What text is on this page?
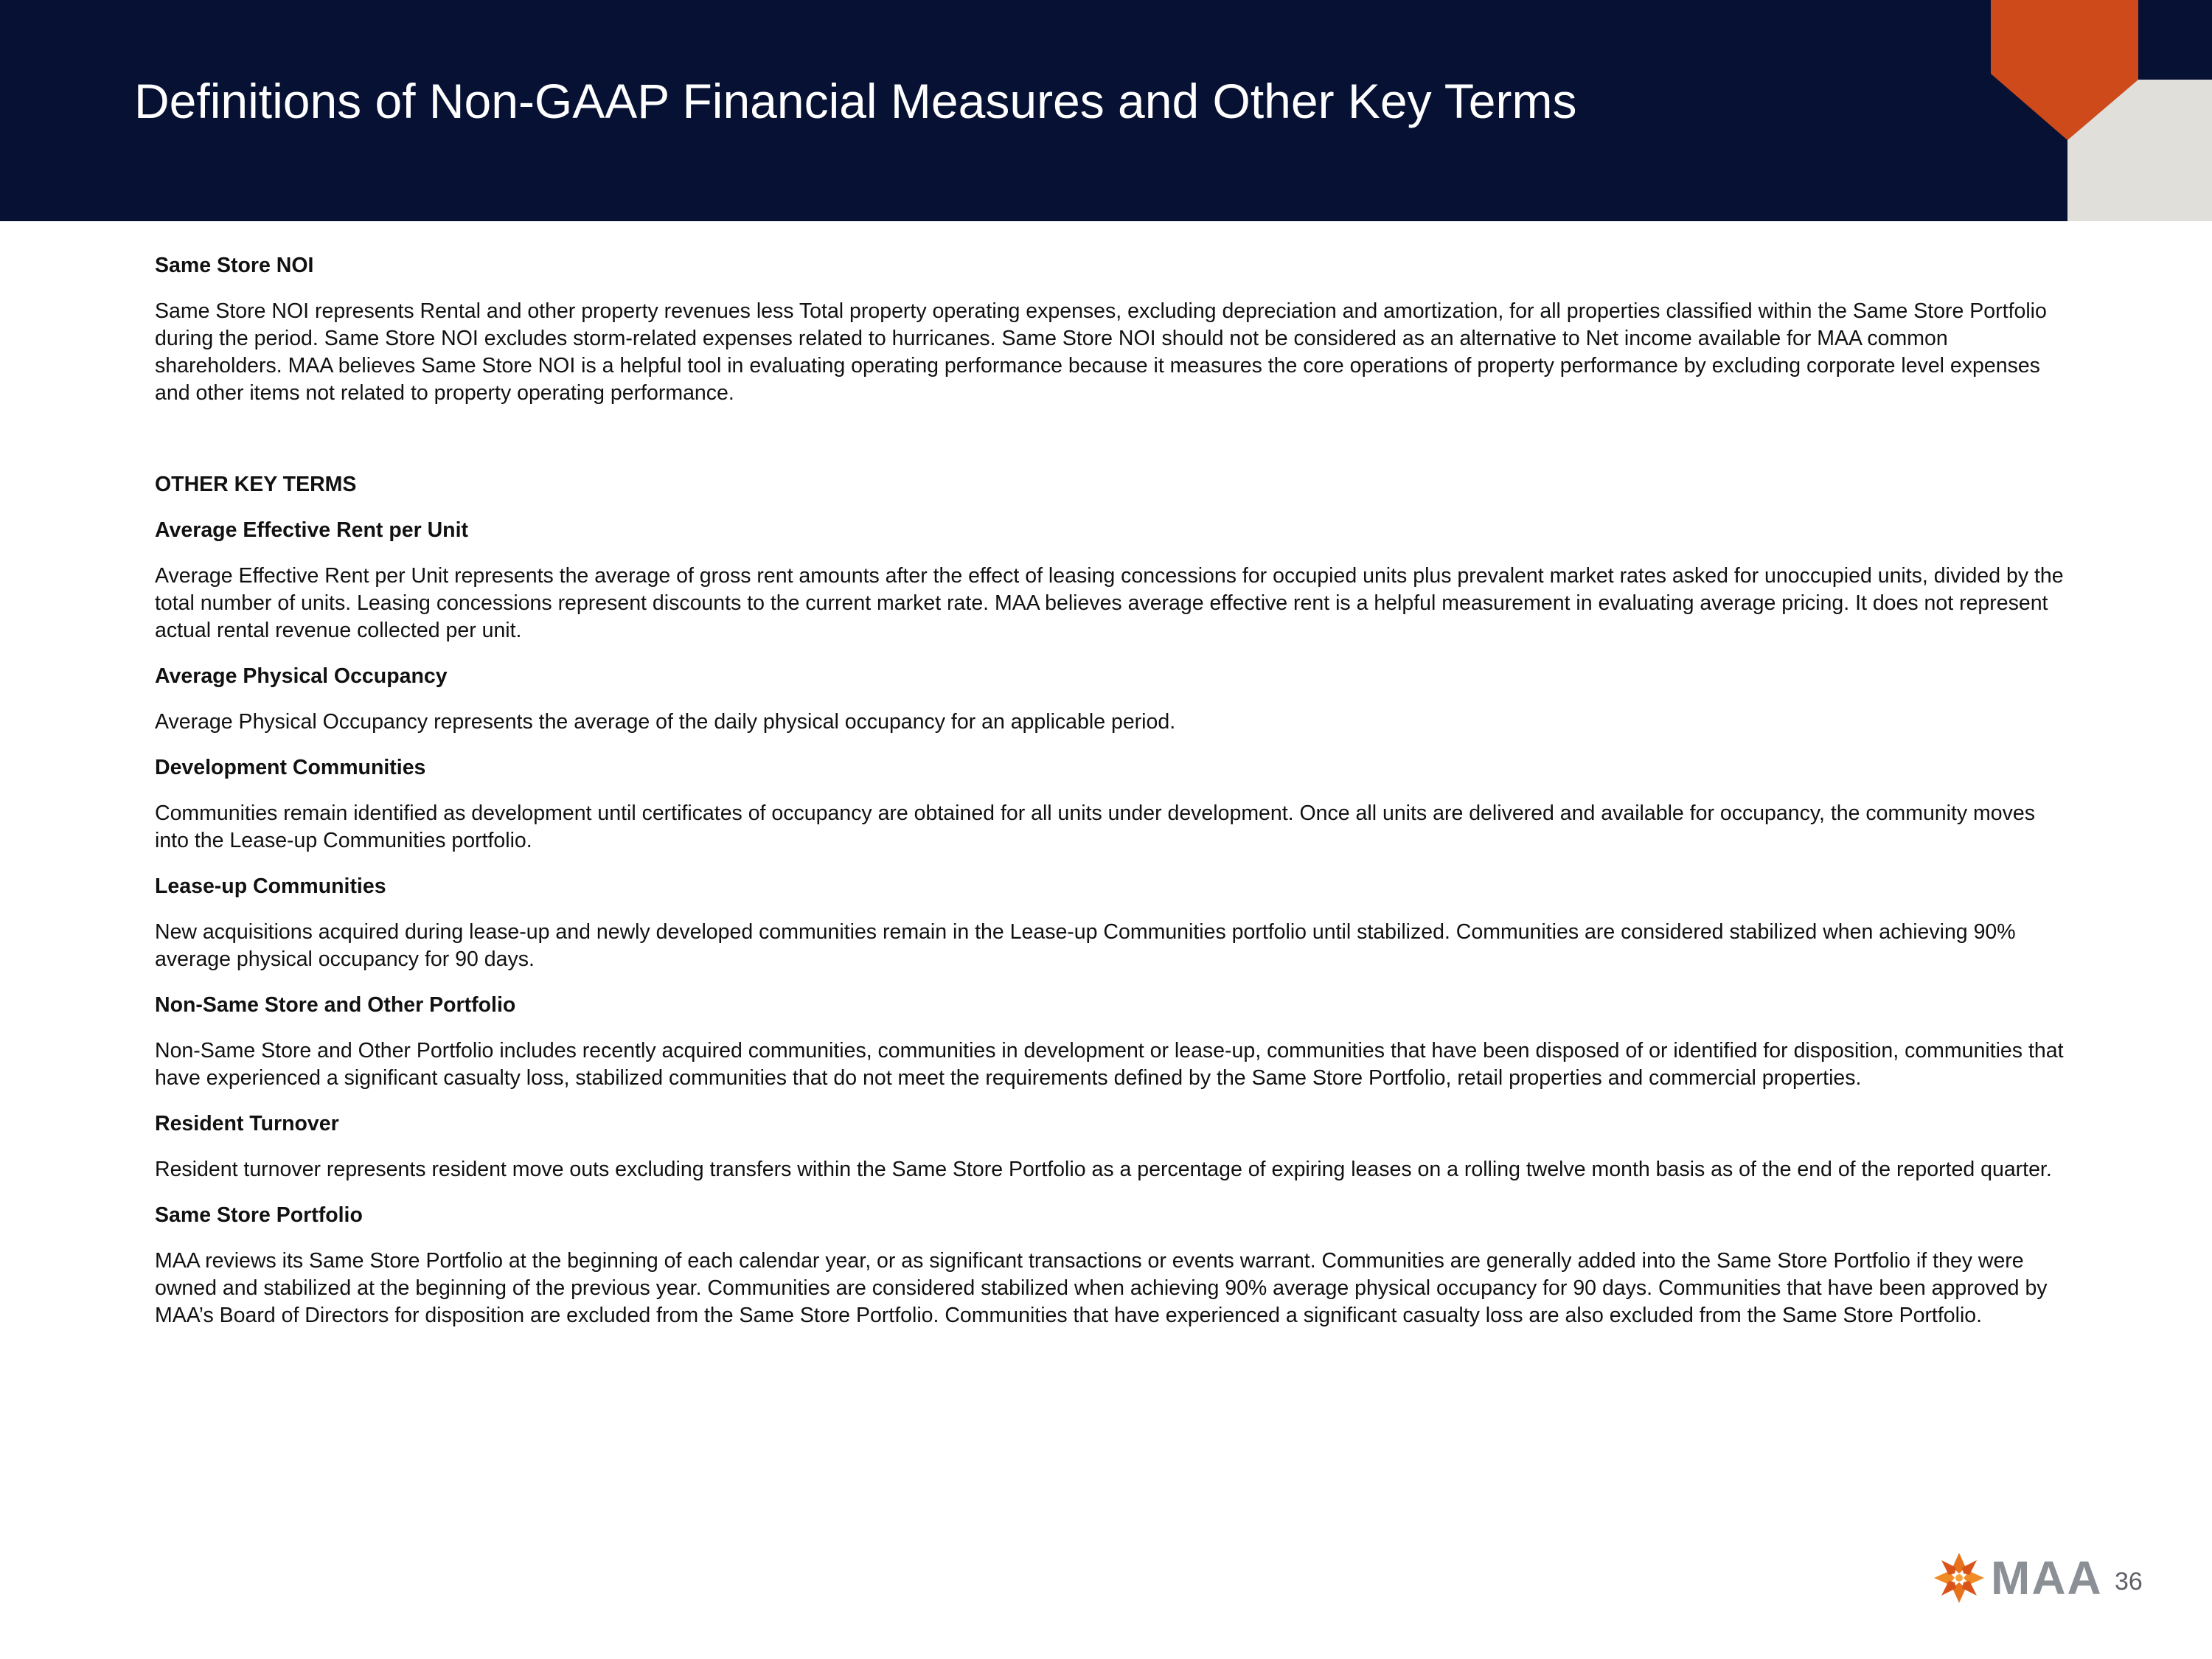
Definitions of Non-GAAP Financial Measures and Other Key Terms
Same Store NOI

Same Store NOI represents Rental and other property revenues less Total property operating expenses, excluding depreciation and amortization, for all properties classified within the Same Store Portfolio during the period. Same Store NOI excludes storm-related expenses related to hurricanes. Same Store NOI should not be considered as an alternative to Net income available for MAA common shareholders. MAA believes Same Store NOI is a helpful tool in evaluating operating performance because it measures the core operations of property performance by excluding corporate level expenses and other items not related to property operating performance.

OTHER KEY TERMS
Average Effective Rent per Unit

Average Effective Rent per Unit represents the average of gross rent amounts after the effect of leasing concessions for occupied units plus prevalent market rates asked for unoccupied units, divided by the total number of units. Leasing concessions represent discounts to the current market rate. MAA believes average effective rent is a helpful measurement in evaluating average pricing. It does not represent actual rental revenue collected per unit.

Average Physical Occupancy

Average Physical Occupancy represents the average of the daily physical occupancy for an applicable period.

Development Communities

Communities remain identified as development until certificates of occupancy are obtained for all units under development. Once all units are delivered and available for occupancy, the community moves into the Lease-up Communities portfolio.

Lease-up Communities

New acquisitions acquired during lease-up and newly developed communities remain in the Lease-up Communities portfolio until stabilized. Communities are considered stabilized when achieving 90% average physical occupancy for 90 days.

Non-Same Store and Other Portfolio

Non-Same Store and Other Portfolio includes recently acquired communities, communities in development or lease-up, communities that have been disposed of or identified for disposition, communities that have experienced a significant casualty loss, stabilized communities that do not meet the requirements defined by the Same Store Portfolio, retail properties and commercial properties.

Resident Turnover

Resident turnover represents resident move outs excluding transfers within the Same Store Portfolio as a percentage of expiring leases on a rolling twelve month basis as of the end of the reported quarter.

Same Store Portfolio

MAA reviews its Same Store Portfolio at the beginning of each calendar year, or as significant transactions or events warrant. Communities are generally added into the Same Store Portfolio if they were owned and stabilized at the beginning of the previous year. Communities are considered stabilized when achieving 90% average physical occupancy for 90 days. Communities that have been approved by MAA’s Board of Directors for disposition are excluded from the Same Store Portfolio. Communities that have experienced a significant casualty loss are also excluded from the Same Store Portfolio.

MAA 36
